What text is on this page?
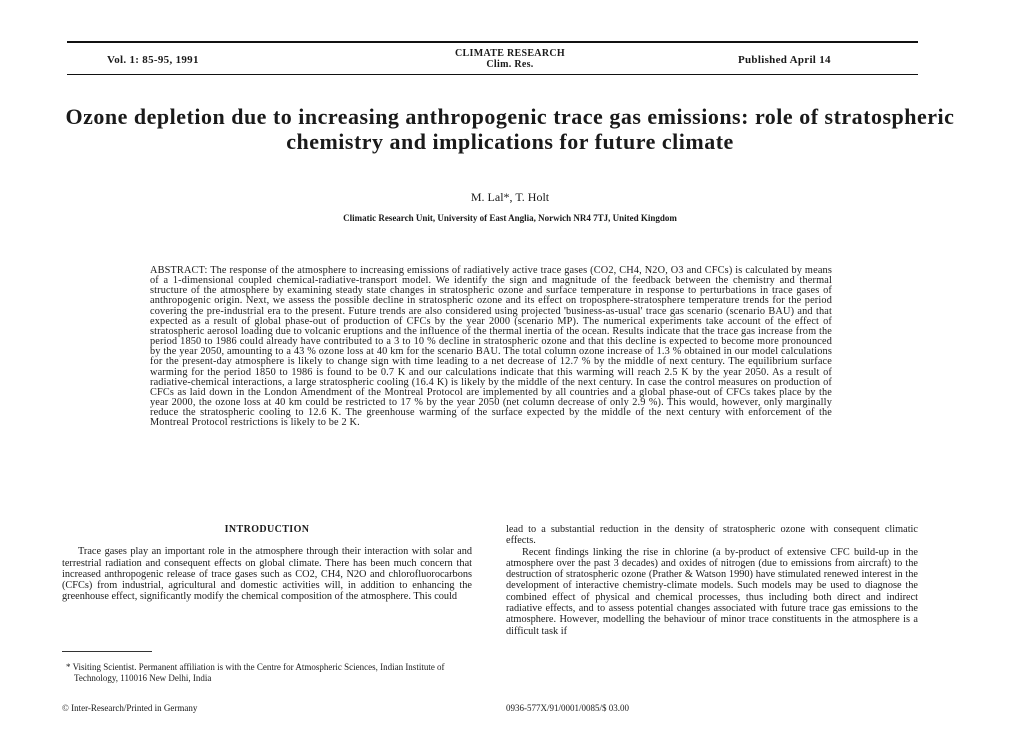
Vol. 1: 85-95, 1991
CLIMATE RESEARCH
Clim. Res.	Published April 14
Ozone depletion due to increasing anthropogenic trace gas emissions: role of stratospheric chemistry and implications for future climate
M. Lal*, T. Holt
Climatic Research Unit, University of East Anglia, Norwich NR4 7TJ, United Kingdom
ABSTRACT: The response of the atmosphere to increasing emissions of radiatively active trace gases (CO2, CH4, N2O, O3 and CFCs) is calculated by means of a 1-dimensional coupled chemical-radiative-transport model. We identify the sign and magnitude of the feedback between the chemistry and thermal structure of the atmosphere by examining steady state changes in stratospheric ozone and surface temperature in response to perturbations in trace gases of anthropogenic origin. Next, we assess the possible decline in stratospheric ozone and its effect on troposphere-stratosphere temperature trends for the period covering the pre-industrial era to the present. Future trends are also considered using projected 'business-as-usual' trace gas scenario (scenario BAU) and that expected as a result of global phase-out of production of CFCs by the year 2000 (scenario MP). The numerical experiments take account of the effect of stratospheric aerosol loading due to volcanic eruptions and the influence of the thermal inertia of the ocean. Results indicate that the trace gas increase from the period 1850 to 1986 could already have contributed to a 3 to 10 % decline in stratospheric ozone and that this decline is expected to become more pronounced by the year 2050, amounting to a 43 % ozone loss at 40 km for the scenario BAU. The total column ozone increase of 1.3 % obtained in our model calculations for the present-day atmosphere is likely to change sign with time leading to a net decrease of 12.7 % by the middle of next century. The equilibrium surface warming for the period 1850 to 1986 is found to be 0.7 K and our calculations indicate that this warming will reach 2.5 K by the year 2050. As a result of radiative-chemical interactions, a large stratospheric cooling (16.4 K) is likely by the middle of the next century. In case the control measures on production of CFCs as laid down in the London Amendment of the Montreal Protocol are implemented by all countries and a global phase-out of CFCs takes place by the year 2000, the ozone loss at 40 km could be restricted to 17 % by the year 2050 (net column decrease of only 2.9 %). This would, however, only marginally reduce the stratospheric cooling to 12.6 K. The greenhouse warming of the surface expected by the middle of the next century with enforcement of the Montreal Protocol restrictions is likely to be 2 K.
INTRODUCTION

Trace gases play an important role in the atmosphere through their interaction with solar and terrestrial radiation and consequent effects on global climate. There has been much concern that increased anthropogenic release of trace gases such as CO2, CH4, N2O and chlorofluorocarbons (CFCs) from industrial, agricultural and domestic activities will, in addition to enhancing the greenhouse effect, significantly modify the chemical composition of the atmosphere. This could

lead to a substantial reduction in the density of stratospheric ozone with consequent climatic effects.

Recent findings linking the rise in chlorine (a by-product of extensive CFC build-up in the atmosphere over the past 3 decades) and oxides of nitrogen (due to emissions from aircraft) to the destruction of stratospheric ozone (Prather & Watson 1990) have stimulated renewed interest in the development of interactive chemistry-climate models. Such models may be used to diagnose the combined effect of physical and chemical processes, thus including both direct and indirect radiative effects, and to assess potential changes associated with future trace gas emissions to the atmosphere. However, modelling the behaviour of minor trace constituents in the atmosphere is a difficult task if

* Visiting Scientist. Permanent affiliation is with the Centre for Atmospheric Sciences, Indian Institute of Technology, 110016 New Delhi, India
© Inter-Research/Printed in Germany	0936-577X/91/0001/0085/$ 03.00
